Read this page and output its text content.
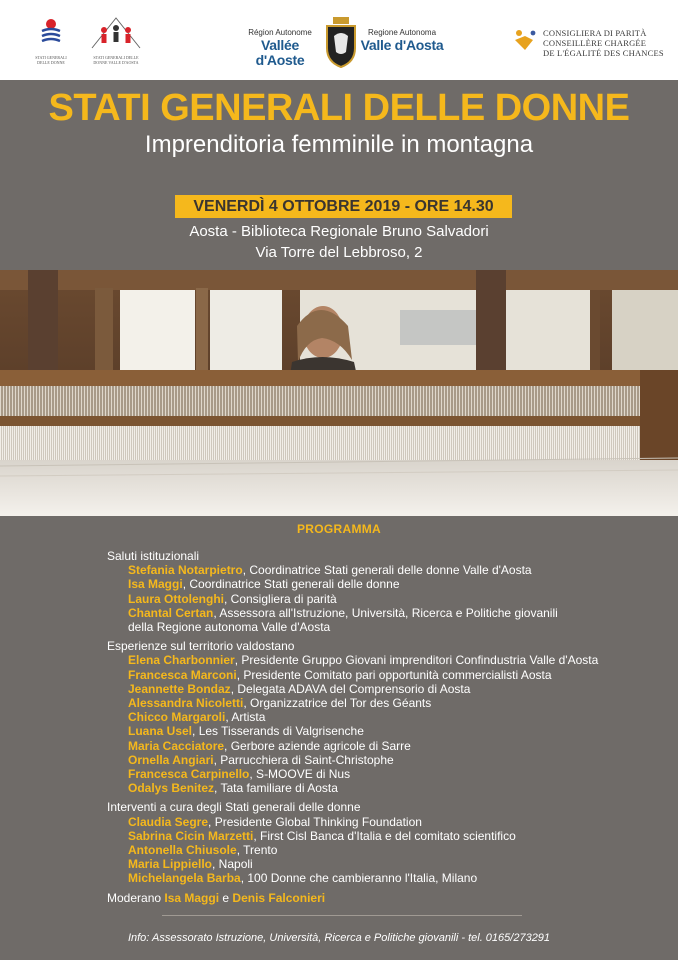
STATI GENERALI DELLE DONNE
STATI GENERALI DELLE DONNE VALLE D'AOSTA
Région Autonome
Vallée d'Aoste
Regione Autonoma
Valle d'Aosta
CONSIGLIERA DI PARITÀ
CONSEILLÈRE CHARGÉE
DE L'ÉGALITÉ DES CHANCES
STATI GENERALI DELLE DONNE
Imprenditoria femminile in montagna
VENERDÌ 4 OTTOBRE 2019 - ORE 14.30
Aosta - Biblioteca Regionale Bruno Salvadori
Via Torre del Lebbroso, 2
PROGRAMMA
Saluti istituzionali
Stefania Notarpietro, Coordinatrice Stati generali delle donne Valle d'Aosta
Isa Maggi, Coordinatrice Stati generali delle donne
Laura Ottolenghi, Consigliera di parità
Chantal Certan, Assessora all'Istruzione, Università, Ricerca e Politiche giovanili
della Regione autonoma Valle d'Aosta
Esperienze sul territorio valdostano
Elena Charbonnier, Presidente Gruppo Giovani imprenditori Confindustria Valle d'Aosta
Francesca Marconi, Presidente Comitato pari opportunità commercialisti Aosta
Jeannette Bondaz, Delegata ADAVA del Comprensorio di Aosta
Alessandra Nicoletti, Organizzatrice del Tor des Géants
Chicco Margaroli, Artista
Luana Usel, Les Tisserands di Valgrisenche
Maria Cacciatore, Gerbore aziende agricole di Sarre
Ornella Angiari, Parrucchiera di Saint-Christophe
Francesca Carpinello, S-MOOVE di Nus
Odalys Benitez, Tata familiare di Aosta
Interventi a cura degli Stati generali delle donne
Claudia Segre, Presidente Global Thinking Foundation
Sabrina Cicin Marzetti, First Cisl Banca d'Italia e del comitato scientifico
Antonella Chiusole, Trento
Maria Lippiello, Napoli
Michelangela Barba, 100 Donne che cambieranno l'Italia, Milano
Moderano Isa Maggi e Denis Falconieri
Info: Assessorato Istruzione, Università, Ricerca e Politiche giovanili - tel. 0165/273291
